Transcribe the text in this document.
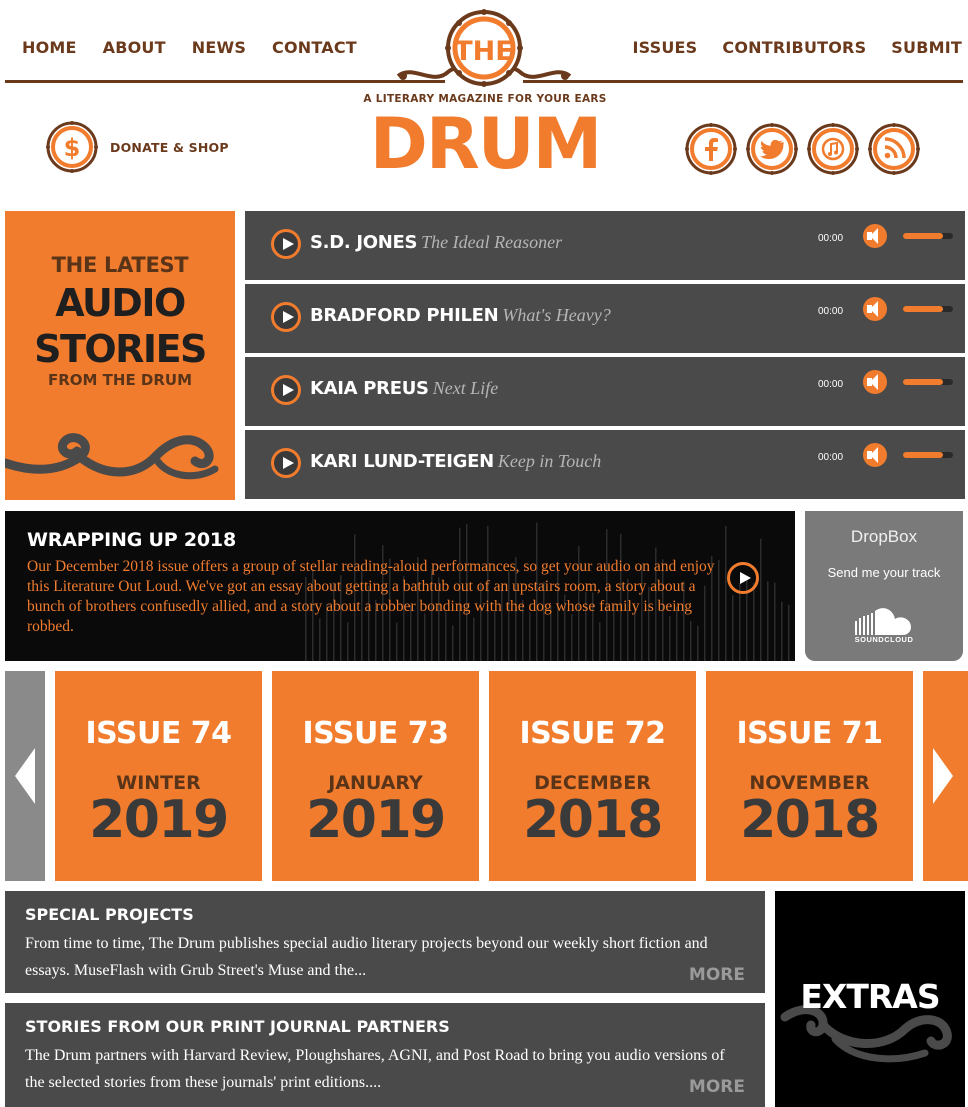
HOME ABOUT NEWS CONTACT	ISSUES CONTRIBUTORS SUBMIT
THE
A LITERARY MAGAZINE FOR YOUR EARS
DRUM
$ DONATE & SHOP
THE LATEST
AUDIO
STORIES
FROM THE DRUM
S.D. JONES The Ideal Reasoner	00:00
BRADFORD PHILEN What's Heavy?	00:00
KAIA PREUS Next Life	00:00
KARI LUND-TEIGEN Keep in Touch	00:00
WRAPPING UP 2018
Our December 2018 issue offers a group of stellar reading-aloud performances, so get your audio on and enjoy this Literature Out Loud. We've got an essay about getting a bathtub out of an upstairs room, a story about a bunch of brothers confusedly allied, and a story about a robber bonding with the dog whose family is being robbed.
DropBox
Send me your track
SOUNDCLOUD
ISSUE 74
WINTER
2019
ISSUE 73
JANUARY
2019
ISSUE 72
DECEMBER
2018
ISSUE 71
NOVEMBER
2018
SPECIAL PROJECTS
From time to time, The Drum publishes special audio literary projects beyond our weekly short fiction and essays. MuseFlash with Grub Street's Muse and the...	MORE
STORIES FROM OUR PRINT JOURNAL PARTNERS
The Drum partners with Harvard Review, Ploughshares, AGNI, and Post Road to bring you audio versions of the selected stories from these journals' print editions....	MORE
EXTRAS
